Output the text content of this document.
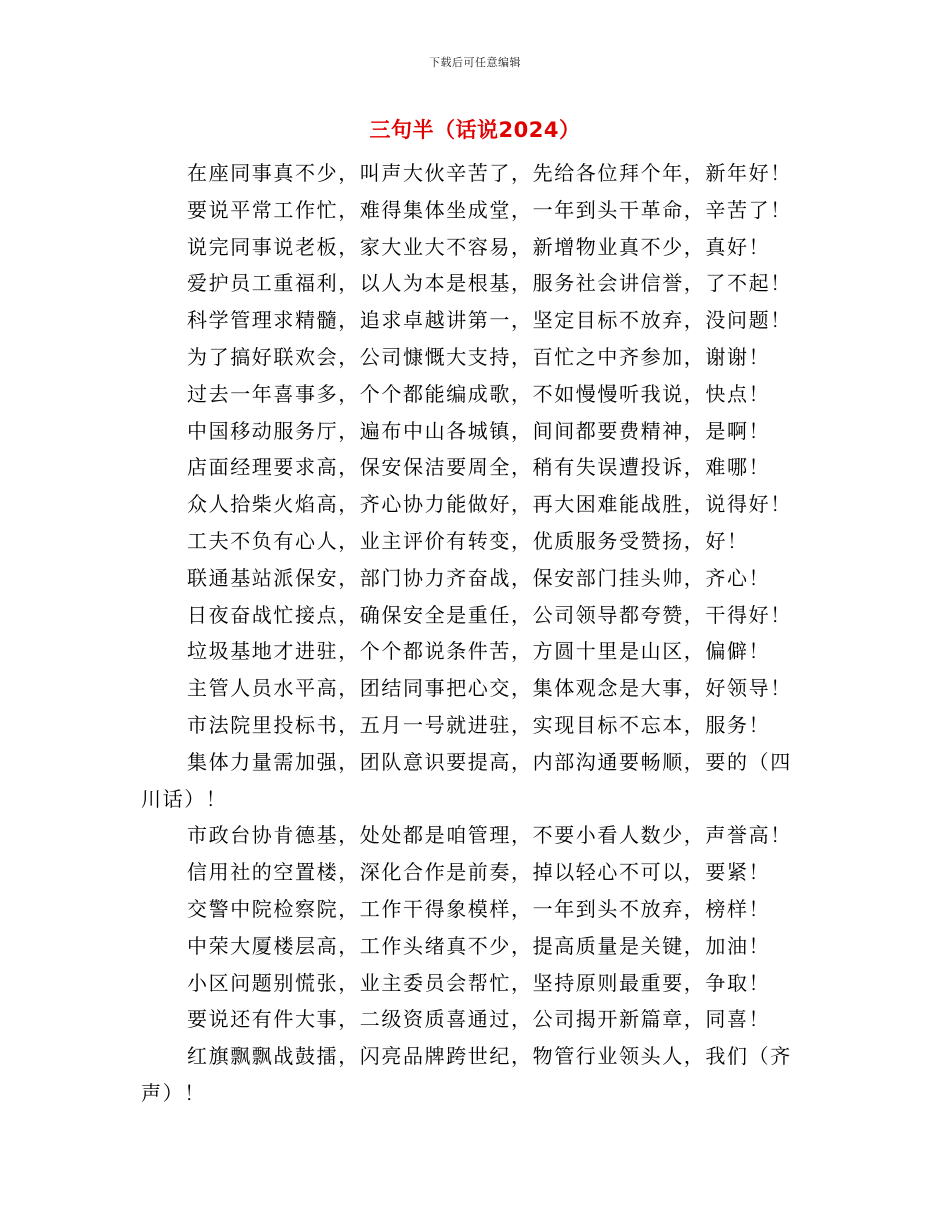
下载后可任意编辑
三句半（话说2024）

在座同事真不少，叫声大伙辛苦了，先给各位拜个年，新年好！

要说平常工作忙，难得集体坐成堂，一年到头干革命，辛苦了！

说完同事说老板，家大业大不容易，新增物业真不少，真好！

爱护员工重福利，以人为本是根基，服务社会讲信誉，了不起！

科学管理求精髓，追求卓越讲第一，坚定目标不放弃，没问题！

为了搞好联欢会，公司慷慨大支持，百忙之中齐参加，谢谢！

过去一年喜事多，个个都能编成歌，不如慢慢听我说，快点！

中国移动服务厅，遍布中山各城镇，间间都要费精神，是啊！

店面经理要求高，保安保洁要周全，稍有失误遭投诉，难哪！

众人拾柴火焰高，齐心协力能做好，再大困难能战胜，说得好！

工夫不负有心人，业主评价有转变，优质服务受赞扬，好！

联通基站派保安，部门协力齐奋战，保安部门挂头帅，齐心！

日夜奋战忙接点，确保安全是重任，公司领导都夸赞，干得好！

垃圾基地才进驻，个个都说条件苦，方圆十里是山区，偏僻！

主管人员水平高，团结同事把心交，集体观念是大事，好领导！

市法院里投标书，五月一号就进驻，实现目标不忘本，服务！

集体力量需加强，团队意识要提高，内部沟通要畅顺，要的（四川话）！

市政台协肯德基，处处都是咱管理，不要小看人数少，声誉高！

信用社的空置楼，深化合作是前奏，掉以轻心不可以，要紧！

交警中院检察院，工作干得象模样，一年到头不放弃，榜样！

中荣大厦楼层高，工作头绪真不少，提高质量是关键，加油！

小区问题别慌张，业主委员会帮忙，坚持原则最重要，争取！

要说还有件大事，二级资质喜通过，公司揭开新篇章，同喜！

红旗飘飘战鼓擂，闪亮品牌跨世纪，物管行业领头人，我们（齐声）！
